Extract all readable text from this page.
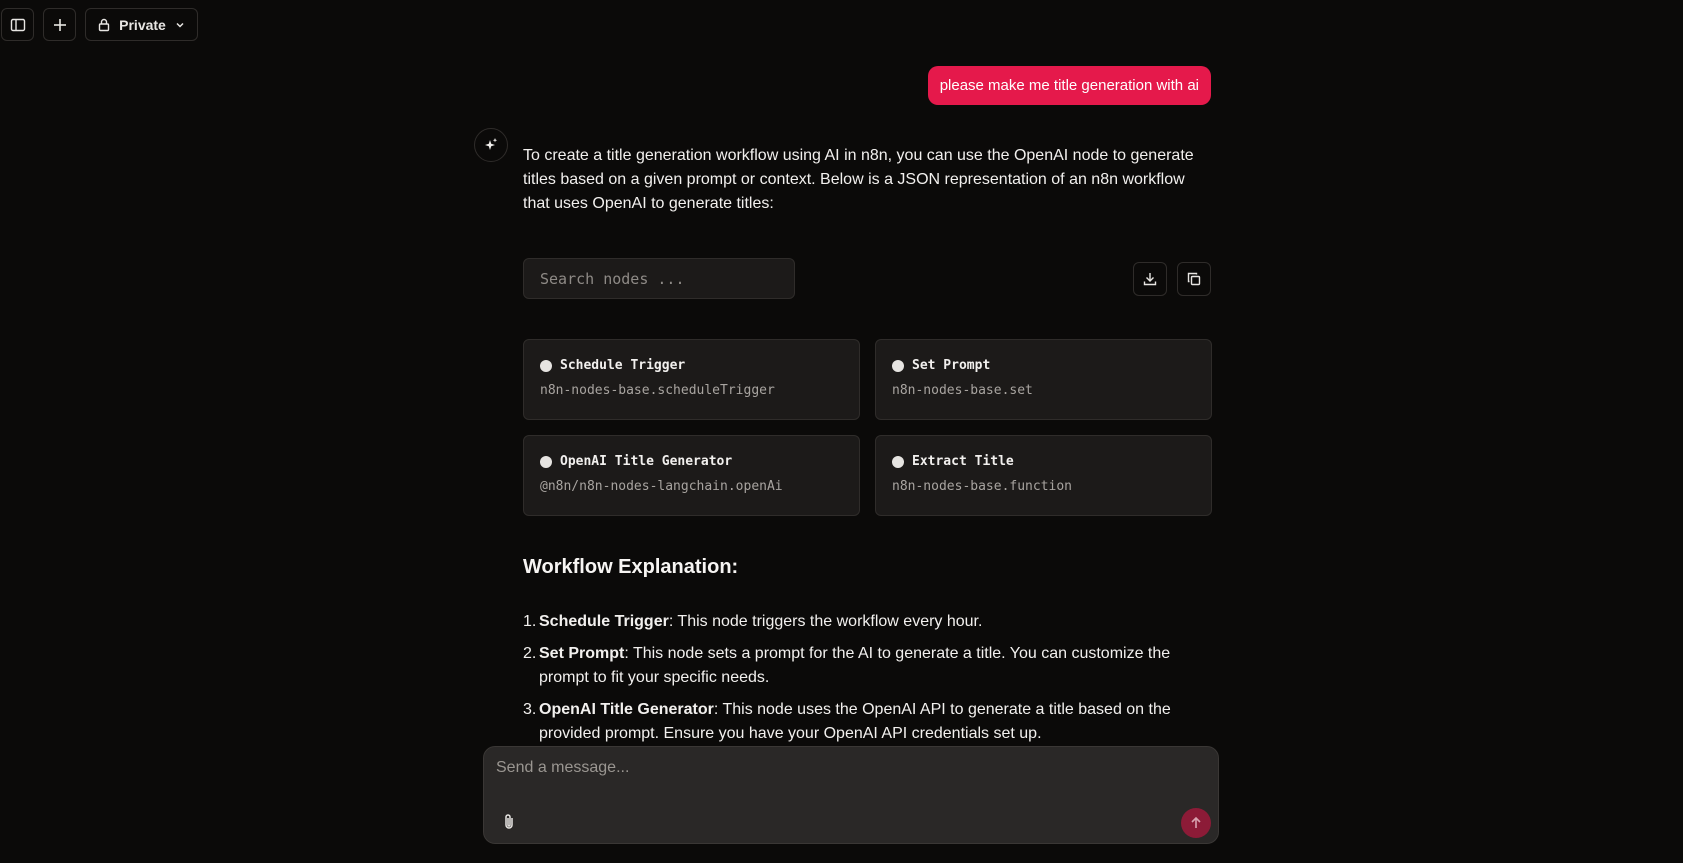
Private
please make me title generation with ai

To create a title generation workflow using AI in n8n, you can use the OpenAI node to generate titles based on a given prompt or context. Below is a JSON representation of an n8n workflow that uses OpenAI to generate titles:

Search nodes ...
Schedule Trigger
n8n-nodes-base.scheduleTrigger
Set Prompt
n8n-nodes-base.set
OpenAI Title Generator
@n8n/n8n-nodes-langchain.openAi
Extract Title
n8n-nodes-base.function
Workflow Explanation:
1. Schedule Trigger: This node triggers the workflow every hour.
2. Set Prompt: This node sets a prompt for the AI to generate a title. You can customize the prompt to fit your specific needs.
3. OpenAI Title Generator: This node uses the OpenAI API to generate a title based on the provided prompt. Ensure you have your OpenAI API credentials set up.
Send a message...
